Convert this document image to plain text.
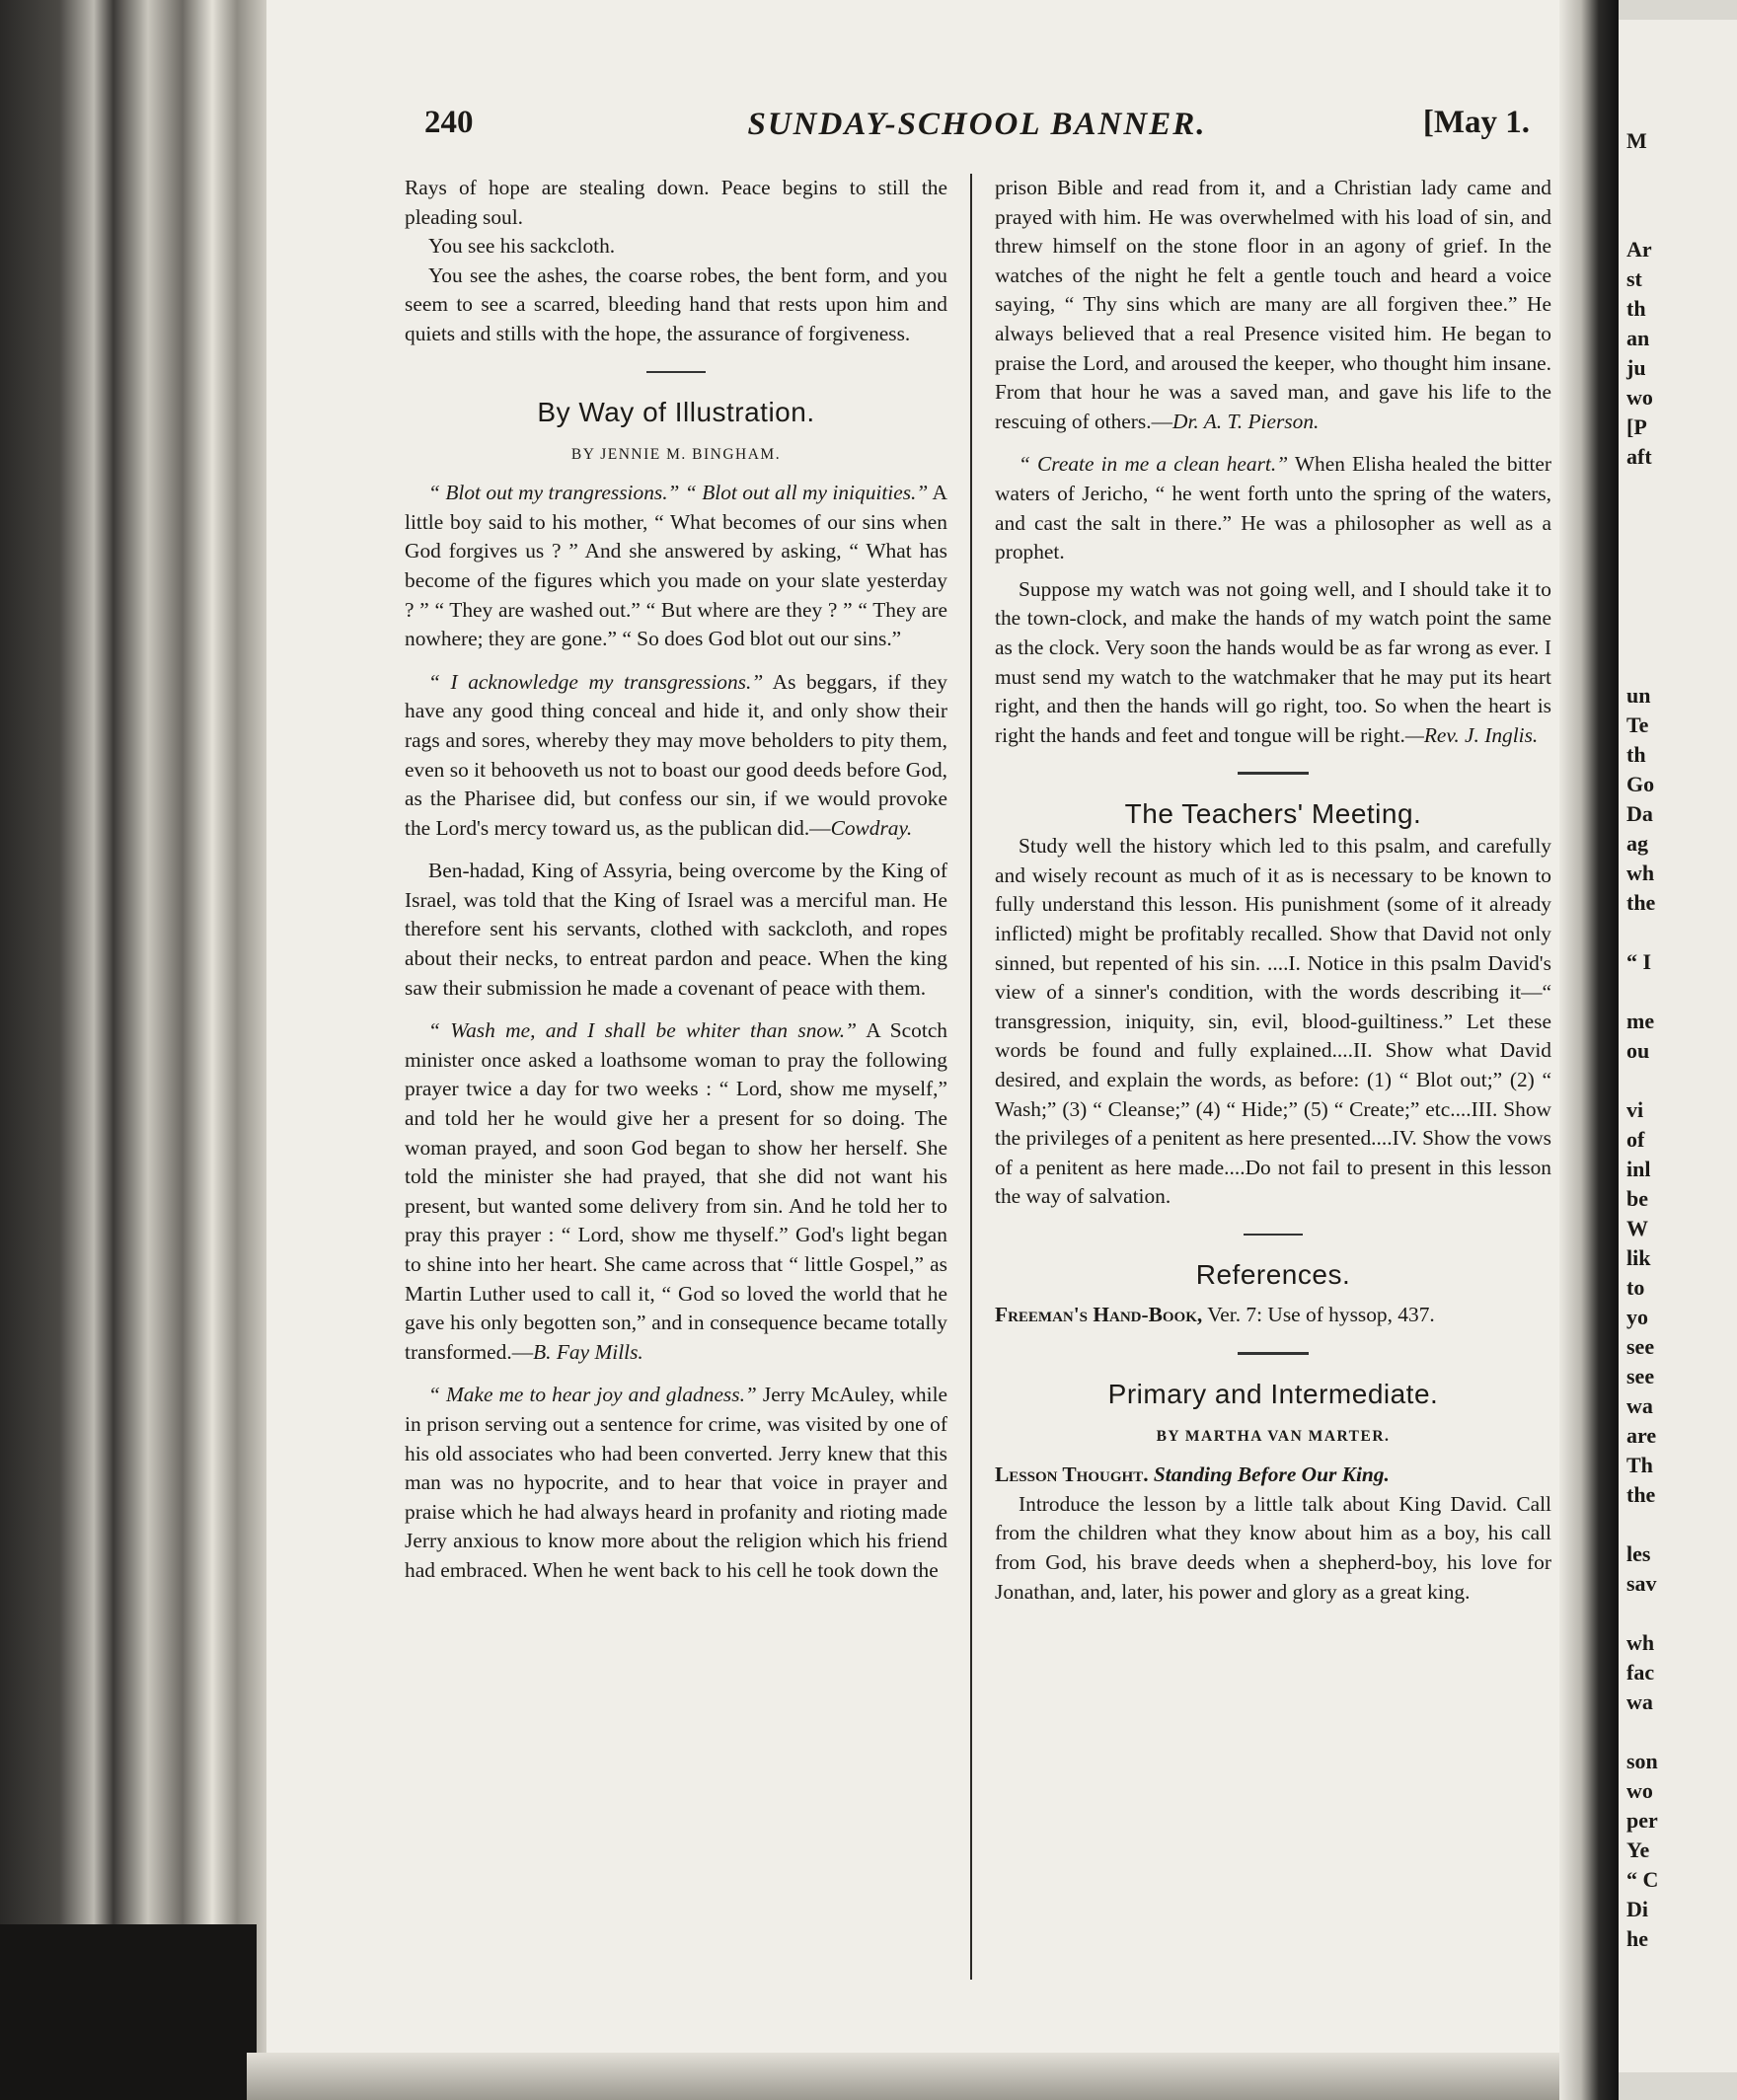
240	SUNDAY-SCHOOL BANNER.	[May 1.

Rays of hope are stealing down. Peace begins to still the pleading soul.

You see his sackcloth.

You see the ashes, the coarse robes, the bent form, and you seem to see a scarred, bleeding hand that rests upon him and quiets and stills with the hope, the assurance of forgiveness.

By Way of Illustration.
BY JENNIE M. BINGHAM.

“ Blot out my trangressions.” “ Blot out all my iniquities.” A little boy said to his mother, “ What becomes of our sins when God forgives us ? ” And she answered by asking, “ What has become of the figures which you made on your slate yesterday ? ” “ They are washed out.” “ But where are they ? ” “ They are nowhere; they are gone.” “ So does God blot out our sins.”

“ I acknowledge my transgressions.” As beggars, if they have any good thing conceal and hide it, and only show their rags and sores, whereby they may move beholders to pity them, even so it behooveth us not to boast our good deeds before God, as the Pharisee did, but confess our sin, if we would provoke the Lord's mercy toward us, as the publican did.—Cowdray.

Ben-hadad, King of Assyria, being overcome by the King of Israel, was told that the King of Israel was a merciful man. He therefore sent his servants, clothed with sackcloth, and ropes about their necks, to entreat pardon and peace. When the king saw their submission he made a covenant of peace with them.

“ Wash me, and I shall be whiter than snow.” A Scotch minister once asked a loathsome woman to pray the following prayer twice a day for two weeks : “ Lord, show me myself,” and told her he would give her a present for so doing. The woman prayed, and soon God began to show her herself. She told the minister she had prayed, that she did not want his present, but wanted some delivery from sin. And he told her to pray this prayer : “ Lord, show me thyself.” God's light began to shine into her heart. She came across that “ little Gospel,” as Martin Luther used to call it, “ God so loved the world that he gave his only begotten son,” and in consequence became totally transformed.—B. Fay Mills.

“ Make me to hear joy and gladness.” Jerry McAuley, while in prison serving out a sentence for crime, was visited by one of his old associates who had been converted. Jerry knew that this man was no hypocrite, and to hear that voice in prayer and praise which he had always heard in profanity and rioting made Jerry anxious to know more about the religion which his friend had embraced. When he went back to his cell he took down the

prison Bible and read from it, and a Christian lady came and prayed with him. He was overwhelmed with his load of sin, and threw himself on the stone floor in an agony of grief. In the watches of the night he felt a gentle touch and heard a voice saying, “ Thy sins which are many are all forgiven thee.” He always believed that a real Presence visited him. He began to praise the Lord, and aroused the keeper, who thought him insane. From that hour he was a saved man, and gave his life to the rescuing of others.—Dr. A. T. Pierson.

“ Create in me a clean heart.” When Elisha healed the bitter waters of Jericho, “ he went forth unto the spring of the waters, and cast the salt in there.” He was a philosopher as well as a prophet.

Suppose my watch was not going well, and I should take it to the town-clock, and make the hands of my watch point the same as the clock. Very soon the hands would be as far wrong as ever. I must send my watch to the watchmaker that he may put its heart right, and then the hands will go right, too. So when the heart is right the hands and feet and tongue will be right.—Rev. J. Inglis.

The Teachers' Meeting.

Study well the history which led to this psalm, and carefully and wisely recount as much of it as is necessary to be known to fully understand this lesson. His punishment (some of it already inflicted) might be profitably recalled. Show that David not only sinned, but repented of his sin. ....I. Notice in this psalm David's view of a sinner's condition, with the words describing it—“ transgression, iniquity, sin, evil, blood-guiltiness.” Let these words be found and fully explained....II. Show what David desired, and explain the words, as before: (1) “ Blot out;” (2) “ Wash;” (3) “ Cleanse;” (4) “ Hide;” (5) “ Create;” etc....III. Show the privileges of a penitent as here presented....IV. Show the vows of a penitent as here made....Do not fail to present in this lesson the way of salvation.

References.

Freeman's Hand-Book, Ver. 7: Use of hyssop, 437.

Primary and Intermediate.
BY MARTHA VAN MARTER.

Lesson Thought. Standing Before Our King.

Introduce the lesson by a little talk about King David. Call from the children what they know about him as a boy, his call from God, his brave deeds when a shepherd-boy, his love for Jonathan, and, later, his power and glory as a great king.

M
Ar
st
th
an
ju
wo
[P
aft
un
Te
th
Go
Da
ag
wh
the
“ I
me
ou
vi
of
inl
be
W
lik
to
yo
see
see
wa
are
Th
the
les
sav
wh
fac
wa
son
wo
per
Ye
“ C
Di
he
